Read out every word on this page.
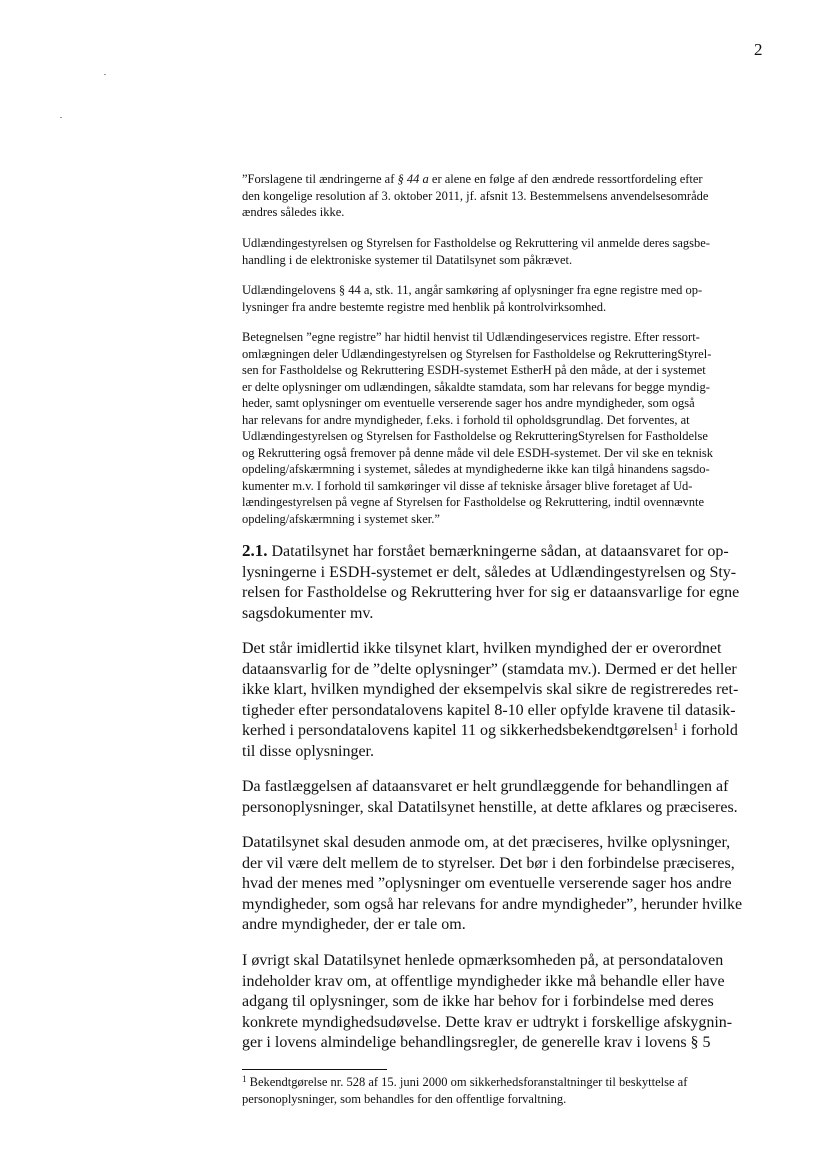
2
”Forslagene til ændringerne af § 44 a er alene en følge af den ændrede ressortfordeling efter
den kongelige resolution af 3. oktober 2011, jf. afsnit 13. Bestemmelsens anvendelsesområde
ændres således ikke.
Udlændingestyrelsen og Styrelsen for Fastholdelse og Rekruttering vil anmelde deres sagsbe-
handling i de elektroniske systemer til Datatilsynet som påkrævet.
Udlændingelovens § 44 a, stk. 11, angår samkøring af oplysninger fra egne registre med op-
lysninger fra andre bestemte registre med henblik på kontrolvirksomhed.
Betegnelsen ”egne registre” har hidtil henvist til Udlændingeservices registre. Efter ressort-
omlægningen deler Udlændingestyrelsen og Styrelsen for Fastholdelse og RekrutteringStyrel-
sen for Fastholdelse og Rekruttering ESDH-systemet EstherH på den måde, at der i systemet
er delte oplysninger om udlændingen, såkaldte stamdata, som har relevans for begge myndig-
heder, samt oplysninger om eventuelle verserende sager hos andre myndigheder, som også
har relevans for andre myndigheder, f.eks. i forhold til opholdsgrundlag. Det forventes, at
Udlændingestyrelsen og Styrelsen for Fastholdelse og RekrutteringStyrelsen for Fastholdelse
og Rekruttering også fremover på denne måde vil dele ESDH-systemet. Der vil ske en teknisk
opdeling/afskærmning i systemet, således at myndighederne ikke kan tilgå hinandens sagsdo-
kumenter m.v. I forhold til samkøringer vil disse af tekniske årsager blive foretaget af Ud-
lændingestyrelsen på vegne af Styrelsen for Fastholdelse og Rekruttering, indtil ovennævnte
opdeling/afskærmning i systemet sker.”

2.1. Datatilsynet har forstået bemærkningerne sådan, at dataansvaret for op-
lysningerne i ESDH-systemet er delt, således at Udlændingestyrelsen og Sty-
relsen for Fastholdelse og Rekruttering hver for sig er dataansvarlige for egne
sagsdokumenter mv.

Det står imidlertid ikke tilsynet klart, hvilken myndighed der er overordnet
dataansvarlig for de ”delte oplysninger” (stamdata mv.). Dermed er det heller
ikke klart, hvilken myndighed der eksempelvis skal sikre de registreredes ret-
tigheder efter persondatalovens kapitel 8-10 eller opfylde kravene til datasik-
kerhed i persondatalovens kapitel 11 og sikkerhedsbekendtgørelsen$^1$ i forhold
til disse oplysninger.

Da fastlæggelsen af dataansvaret er helt grundlæggende for behandlingen af
personoplysninger, skal Datatilsynet henstille, at dette afklares og præciseres.

Datatilsynet skal desuden anmode om, at det præciseres, hvilke oplysninger,
der vil være delt mellem de to styrelser. Det bør i den forbindelse præciseres,
hvad der menes med ”oplysninger om eventuelle verserende sager hos andre
myndigheder, som også har relevans for andre myndigheder”, herunder hvilke
andre myndigheder, der er tale om.

I øvrigt skal Datatilsynet henlede opmærksomheden på, at persondataloven
indeholder krav om, at offentlige myndigheder ikke må behandle eller have
adgang til oplysninger, som de ikke har behov for i forbindelse med deres
konkrete myndighedsudøvelse. Dette krav er udtrykt i forskellige afskygnin-
ger i lovens almindelige behandlingsregler, de generelle krav i lovens § 5

$^1$ Bekendtgørelse nr. 528 af 15. juni 2000 om sikkerhedsforanstaltninger til beskyttelse af
personoplysninger, som behandles for den offentlige forvaltning.
